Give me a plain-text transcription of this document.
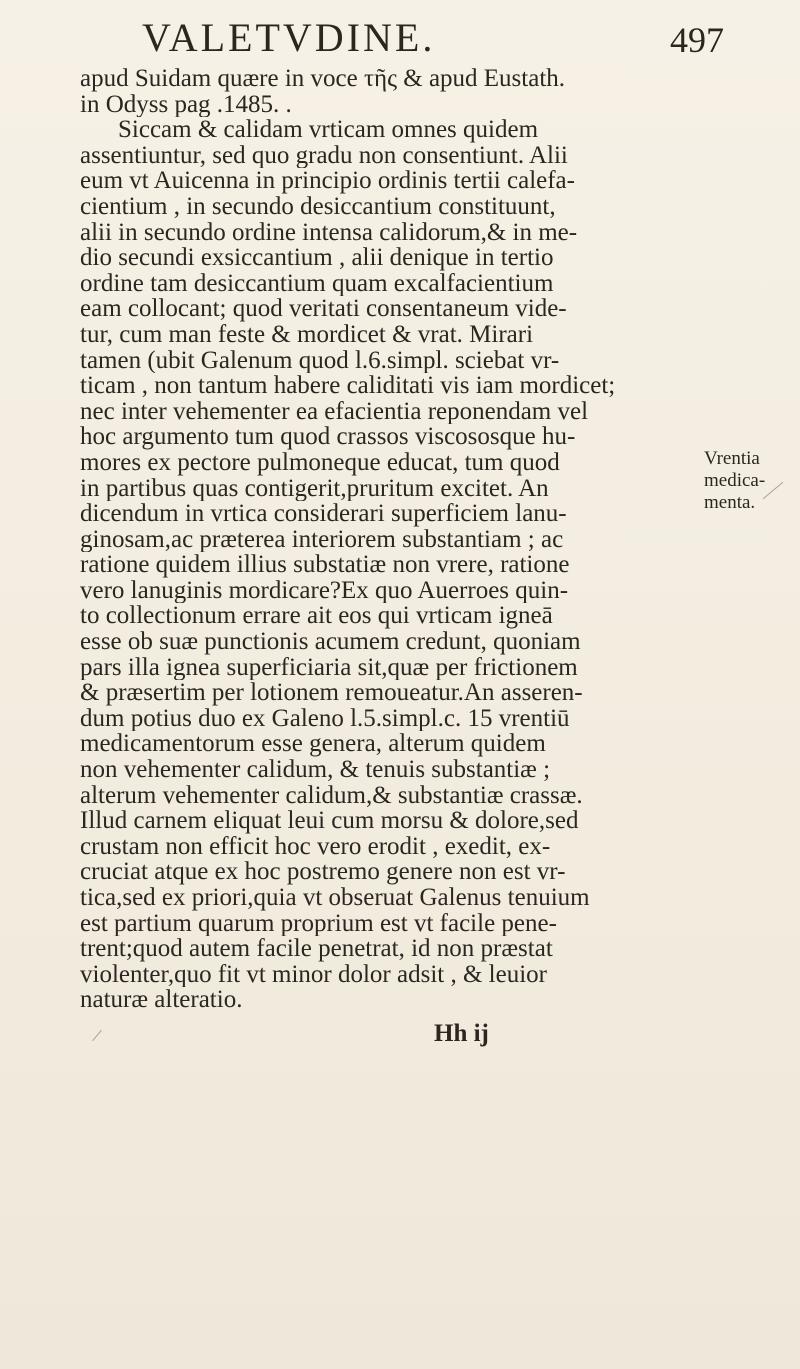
VALETVDINE.	497
apud Suidam quære in voce τῆς & apud Eustath.
in Odyss pag .1485. .
Siccam & calidam vrticam omnes quidem
assentiuntur, sed quo gradu non consentiunt. Alii
eum vt Auicenna in principio ordinis tertii calefa-
cientium , in secundo desiccantium constituunt,
alii in secundo ordine intensa calidorum,& in me-
dio secundi exsiccantium , alii denique in tertio
ordine tam desiccantium quam excalfacientium
eam collocant; quod veritati consentaneum vide-
tur, cum man feste & mordicet & vrat. Mirari
tamen (ubit Galenum quod l.6.simpl. sciebat vr-
ticam , non tantum habere caliditati vis iam mordicet;
nec inter vehementer ea efacientia reponendam vel
hoc argumento tum quod crassos viscososque hu-
mores ex pectore pulmoneque educat, tum quod
in partibus quas contigerit,pruritum excitet. An
dicendum in vrtica considerari superficiem lanu-
ginosam,ac præterea interiorem substantiam ; ac
ratione quidem illius substatiæ non vrere, ratione
vero lanuginis mordicare?Ex quo Auerroes quin-
to collectionum errare ait eos qui vrticam igneā
esse ob suæ punctionis acumem credunt, quoniam
pars illa ignea superficiaria sit,quæ per frictionem
& præsertim per lotionem remoueatur.An asseren-
dum potius duo ex Galeno l.5.simpl.c. 15 vrentiū
medicamentorum esse genera, alterum quidem
non vehementer calidum, & tenuis substantiæ ;
alterum vehementer calidum,& substantiæ crassæ.
Illud carnem eliquat leui cum morsu & dolore,sed
crustam non efficit hoc vero erodit , exedit, ex-
cruciat atque ex hoc postremo genere non est vr-
tica,sed ex priori,quia vt obseruat Galenus tenuium
est partium quarum proprium est vt facile pene-
trent;quod autem facile penetrat, id non præstat
violenter,quo fit vt minor dolor adsit , & leuior
naturæ alteratio.
Vrentia
medica-
menta.
Hh ij
